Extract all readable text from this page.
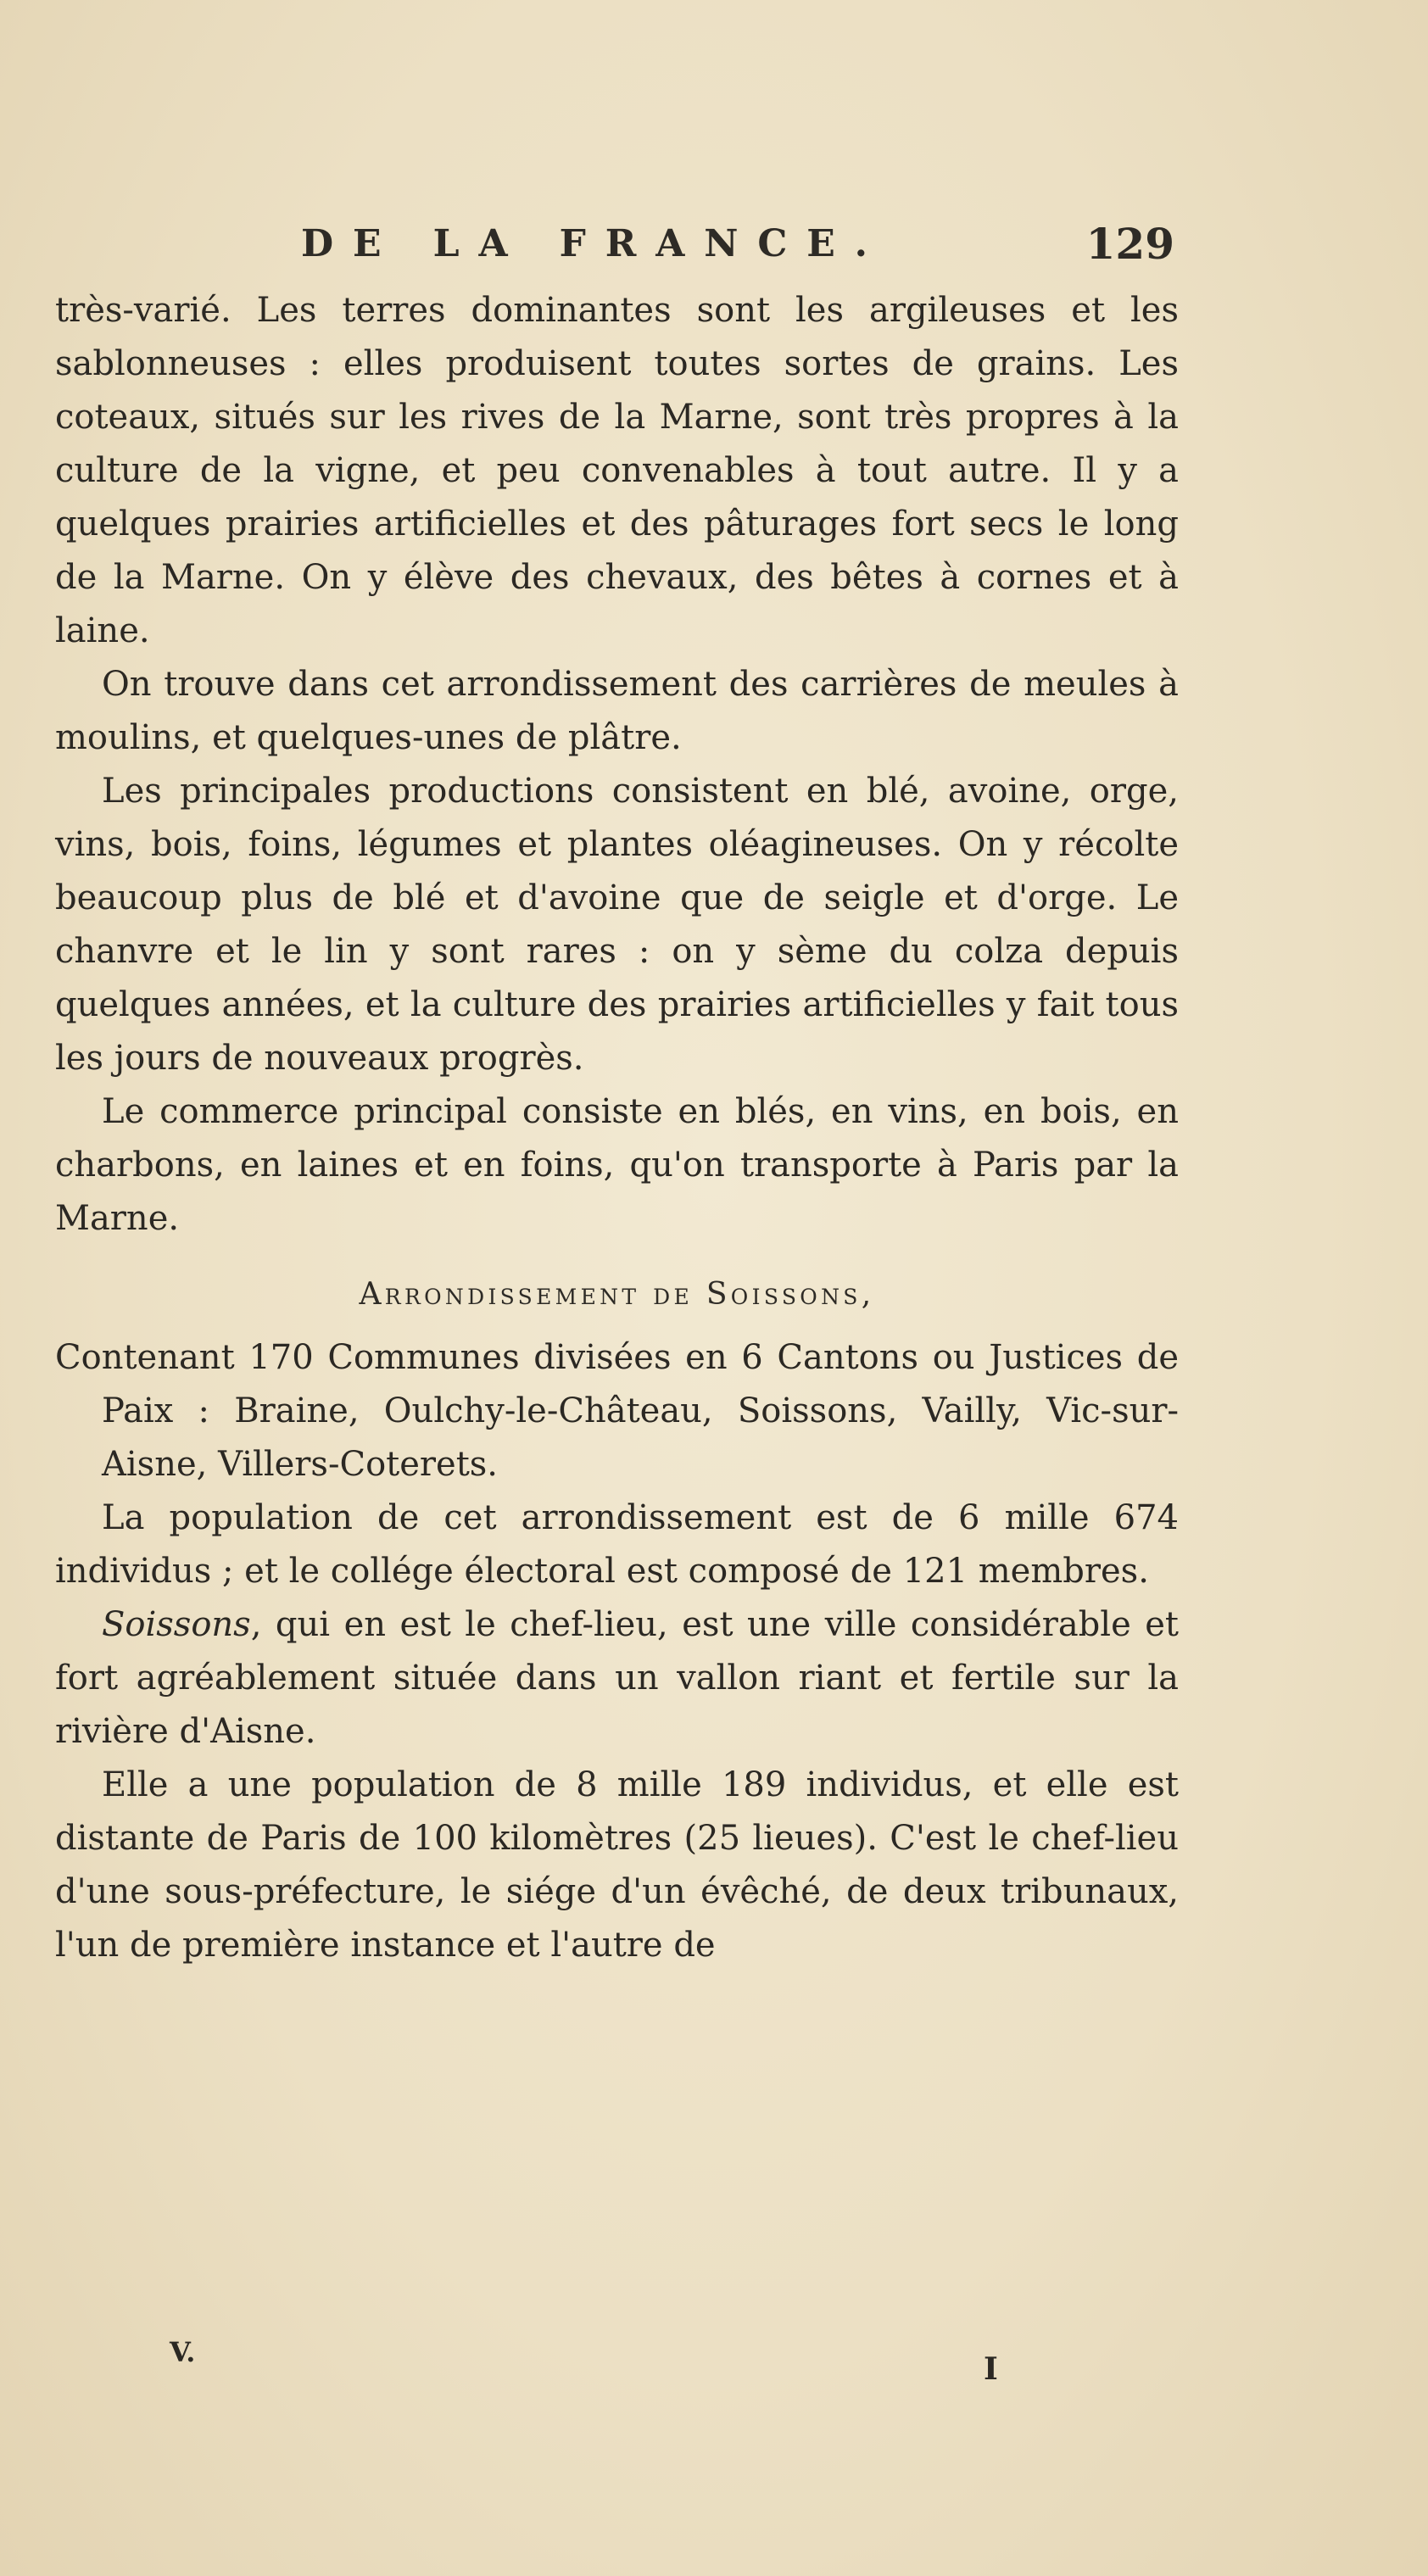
DE LA FRANCE.	129

très-varié. Les terres dominantes sont les argileuses et les sablonneuses : elles produisent toutes sortes de grains. Les coteaux, situés sur les rives de la Marne, sont très propres à la culture de la vigne, et peu convenables à tout autre. Il y a quelques prairies artificielles et des pâturages fort secs le long de la Marne. On y élève des chevaux, des bêtes à cornes et à laine.

On trouve dans cet arrondissement des carrières de meules à moulins, et quelques-unes de plâtre.

Les principales productions consistent en blé, avoine, orge, vins, bois, foins, légumes et plantes oléagineuses. On y récolte beaucoup plus de blé et d'avoine que de seigle et d'orge. Le chanvre et le lin y sont rares : on y sème du colza depuis quelques années, et la culture des prairies artificielles y fait tous les jours de nouveaux progrès.

Le commerce principal consiste en blés, en vins, en bois, en charbons, en laines et en foins, qu'on transporte à Paris par la Marne.

Arrondissement de Soissons,

Contenant 170 Communes divisées en 6 Cantons ou Justices de Paix : Braine, Oulchy-le-Château, Soissons, Vailly, Vic-sur-Aisne, Villers-Coterets.

La population de cet arrondissement est de 6 mille 674 individus ; et le collége électoral est composé de 121 membres.

Soissons, qui en est le chef-lieu, est une ville considérable et fort agréablement située dans un vallon riant et fertile sur la rivière d'Aisne.

Elle a une population de 8 mille 189 individus, et elle est distante de Paris de 100 kilomètres (25 lieues). C'est le chef-lieu d'une sous-préfecture, le siége d'un évêché, de deux tribunaux, l'un de première instance et l'autre de

V.	I
